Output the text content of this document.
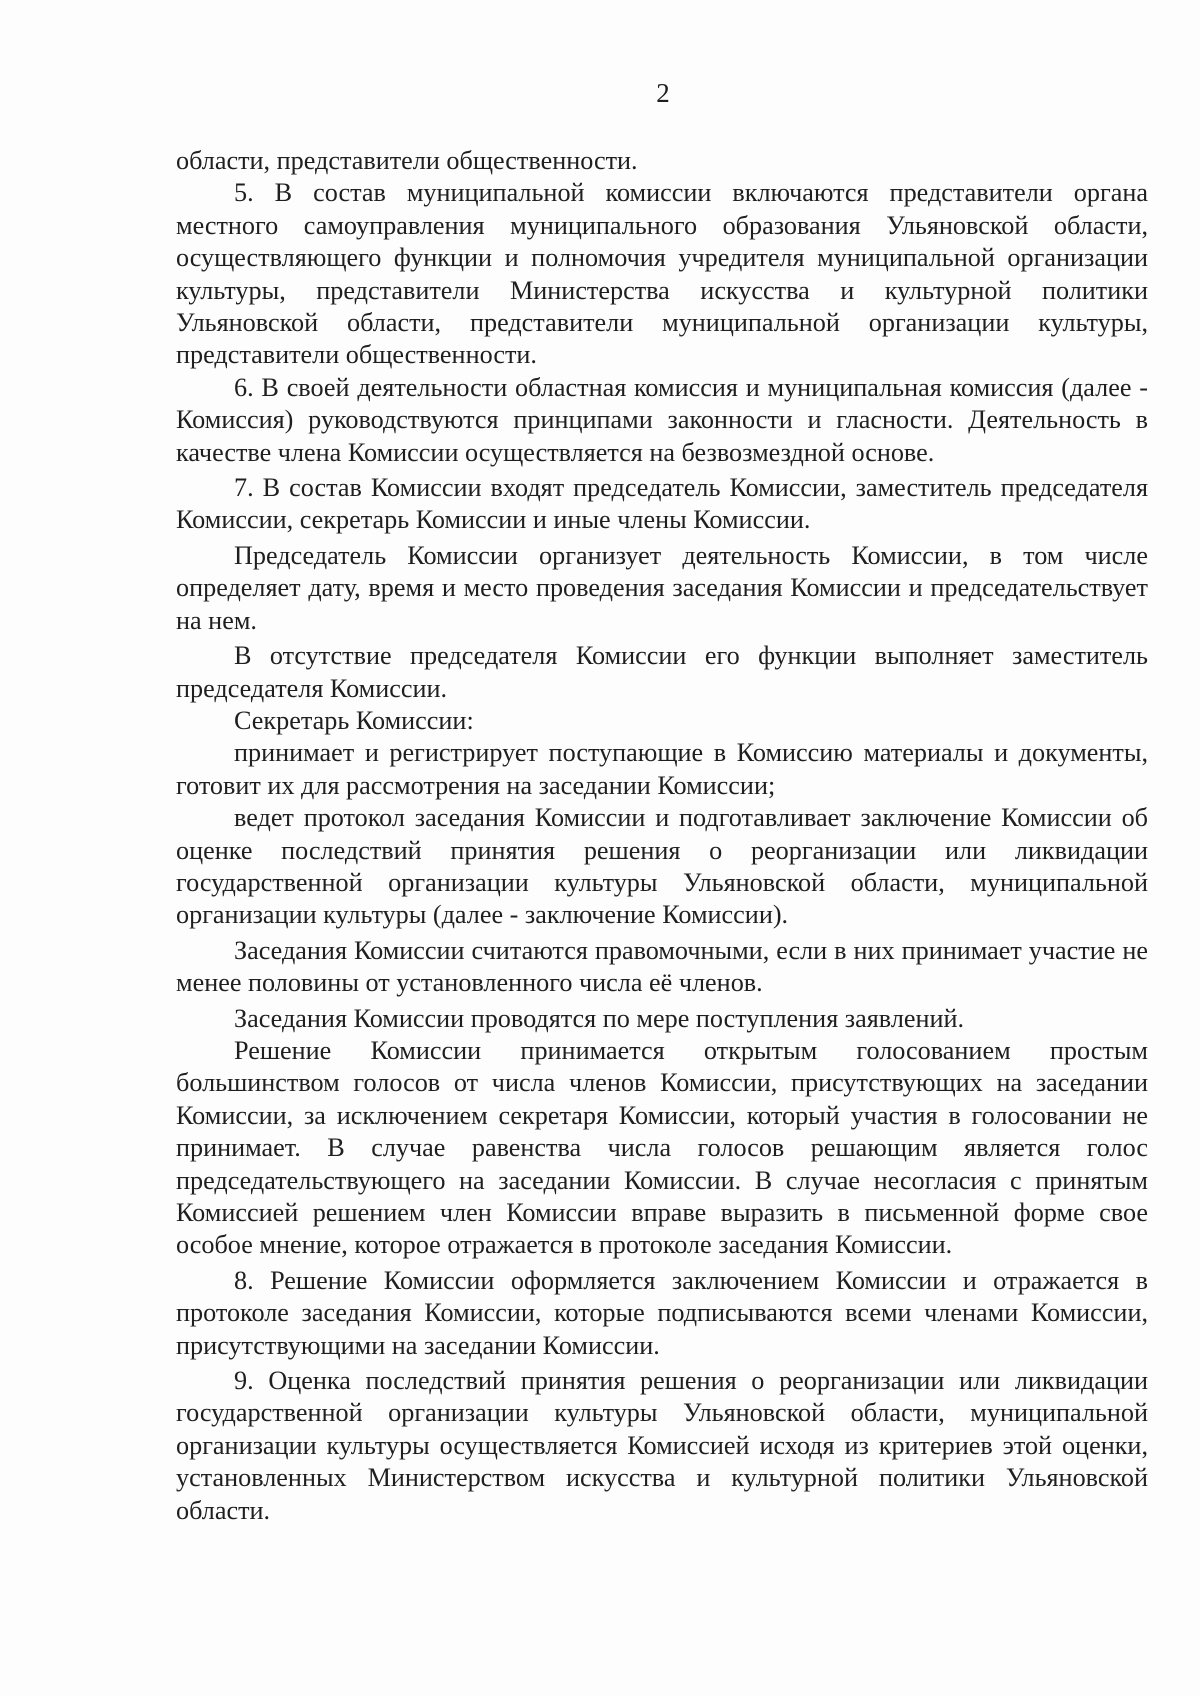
2

области, представители общественности.

5. В состав муниципальной комиссии включаются представители органа местного самоуправления муниципального образования Ульяновской области, осуществляющего функции и полномочия учредителя муниципальной организации культуры, представители Министерства искусства и культурной политики Ульяновской области, представители муниципальной организации культуры, представители общественности.

6. В своей деятельности областная комиссия и муниципальная комиссия (далее - Комиссия) руководствуются принципами законности и гласности. Деятельность в качестве члена Комиссии осуществляется на безвозмездной основе.

7. В состав Комиссии входят председатель Комиссии, заместитель председателя Комиссии, секретарь Комиссии и иные члены Комиссии.

Председатель Комиссии организует деятельность Комиссии, в том числе определяет дату, время и место проведения заседания Комиссии и председательствует на нем.

В отсутствие председателя Комиссии его функции выполняет заместитель председателя Комиссии.

Секретарь Комиссии:

принимает и регистрирует поступающие в Комиссию материалы и документы, готовит их для рассмотрения на заседании Комиссии;

ведет протокол заседания Комиссии и подготавливает заключение Комиссии об оценке последствий принятия решения о реорганизации или ликвидации государственной организации культуры Ульяновской области, муниципальной организации культуры (далее - заключение Комиссии).

Заседания Комиссии считаются правомочными, если в них принимает участие не менее половины от установленного числа её членов.

Заседания Комиссии проводятся по мере поступления заявлений.

Решение Комиссии принимается открытым голосованием простым большинством голосов от числа членов Комиссии, присутствующих на заседании Комиссии, за исключением секретаря Комиссии, который участия в голосовании не принимает. В случае равенства числа голосов решающим является голос председательствующего на заседании Комиссии. В случае несогласия с принятым Комиссией решением член Комиссии вправе выразить в письменной форме свое особое мнение, которое отражается в протоколе заседания Комиссии.

8. Решение Комиссии оформляется заключением Комиссии и отражается в протоколе заседания Комиссии, которые подписываются всеми членами Комиссии, присутствующими на заседании Комиссии.

9. Оценка последствий принятия решения о реорганизации или ликвидации государственной организации культуры Ульяновской области, муниципальной организации культуры осуществляется Комиссией исходя из критериев этой оценки, установленных Министерством искусства и культурной политики Ульяновской области.
